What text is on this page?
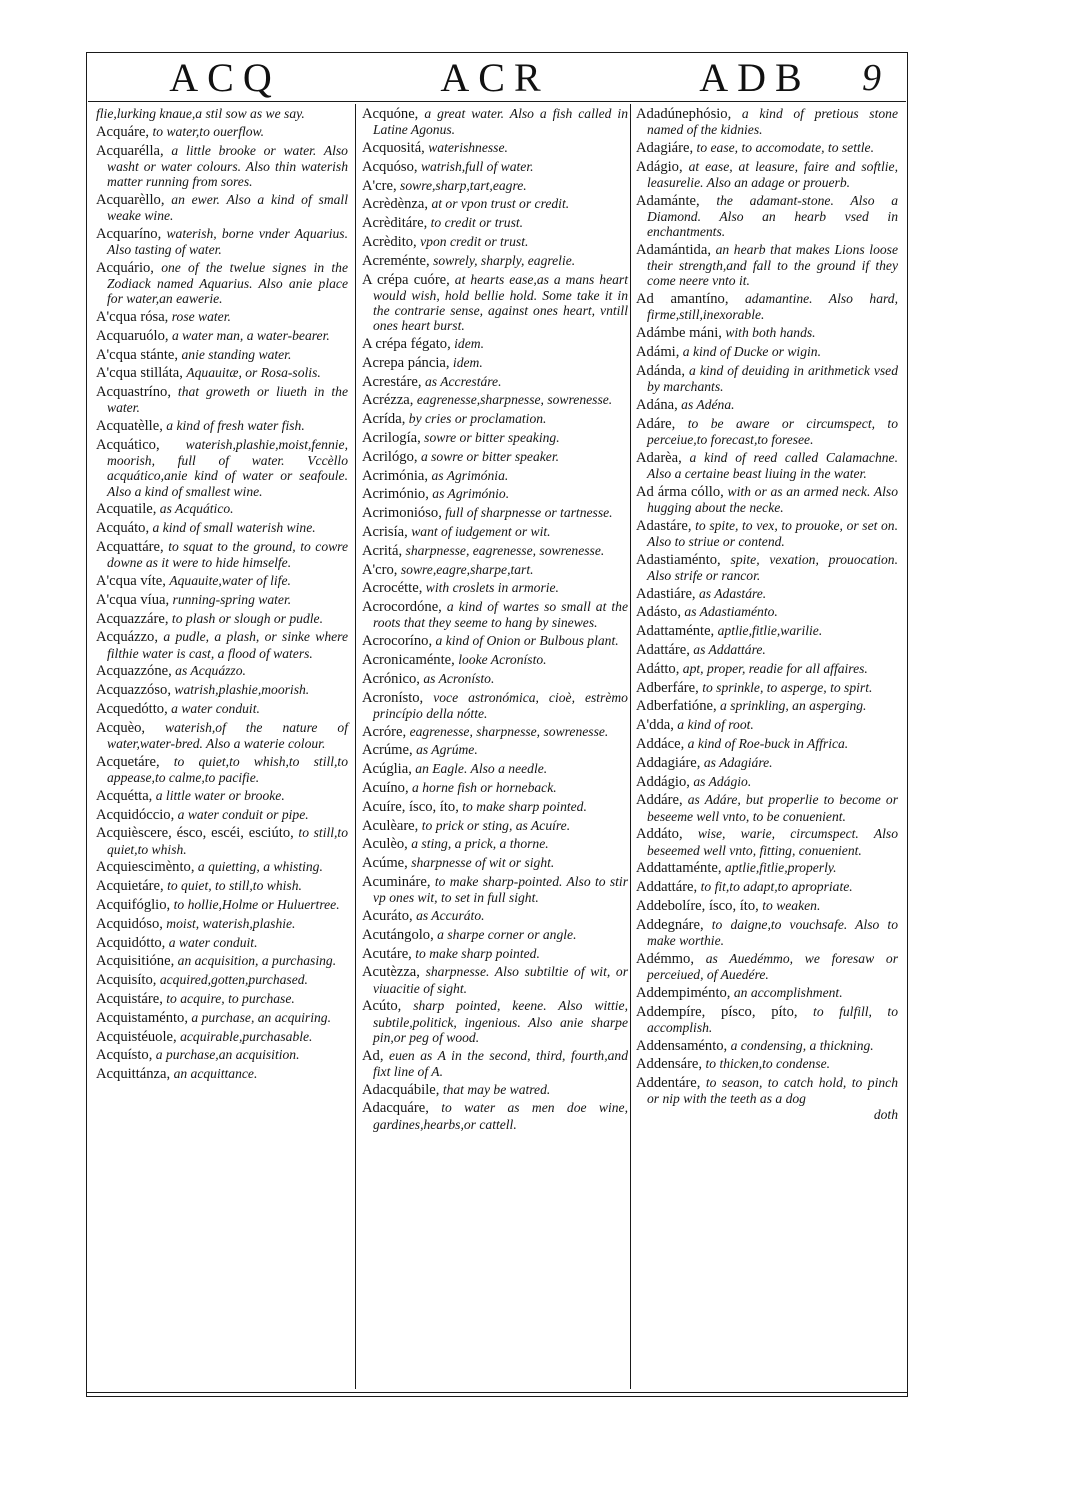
ACQ	ACR	ADB	9
flie,lurking knaue,a stil sow as we say.
Acquáre, to water,to ouerflow.
Acquarélla, a little brooke or water. Also washt or water colours. Also thin waterish matter running from sores.
Acquarèllo, an ewer. Also a kind of small weake wine.
Acquaríno, waterish, borne vnder Aquarius. Also tasting of water.
Acquário, one of the twelue signes in the Zodiack named Aquarius. Also anie place for water,an eawerie.
A'cqua rósa, rose water.
Acquaruólo, a water man, a water-bearer.
A'cqua stánte, anie standing water.
A'cqua stilláta, Aquauitæ, or Rosa-solis.
Acquastríno, that groweth or liueth in the water.
Acquatèlle, a kind of fresh water fish.
Acquático, waterish,plashie,moist,fennie, moorish, full of water. Vccèllo acquático,anie kind of water or seafoule. Also a kind of smallest wine.
Acquatile, as Acquático.
Acquáto, a kind of small waterish wine.
Acquattáre, to squat to the ground, to cowre downe as it were to hide himselfe.
A'cqua víte, Aquauite,water of life.
A'cqua víua, running-spring water.
Acquazzáre, to plash or slough or pudle.
Acquázzo, a pudle, a plash, or sinke where filthie water is cast, a flood of waters.
Acquazzóne, as Acquázzo.
Acquazzóso, watrish,plashie,moorish.
Acquedótto, a water conduit.
Acquèo, waterish,of the nature of water,water-bred. Also a waterie colour.
Acquetáre, to quiet,to whish,to still,to appease,to calme,to pacifie.
Acquétta, a little water or brooke.
Acquidóccio, a water conduit or pipe.
Acquièscere, ésco, escéi, esciúto, to still,to quiet,to whish.
Acquiescimènto, a quietting, a whisting.
Acquietáre, to quiet, to still,to whish.
Acquifóglio, to hollie,Holme or Huluertree.
Acquidóso, moist, waterish,plashie.
Acquidótto, a water conduit.
Acquisitióne, an acquisition, a purchasing.
Acquisíto, acquired,gotten,purchased.
Acquistáre, to acquire, to purchase.
Acquistaménto, a purchase, an acquiring.
Acquistéuole, acquirable,purchasable.
Acquísto, a purchase,an acquisition.
Acquittánza, an acquittance.
Acquóne, a great water. Also a fish called in Latine Agonus.
Acquositá, waterishnesse.
Acquóso, watrish,full of water.
A'cre, sowre,sharp,tart,eagre.
Acrèdènza, at or vpon trust or credit.
Acrèditáre, to credit or trust.
Acrèdito, vpon credit or trust.
Acreménte, sowrely, sharply, eagrelie.
A crépa cuóre, at hearts ease,as a mans heart would wish, hold bellie hold. Some take it in the contrarie sense, against ones heart, vntill ones heart burst.
A crépa fégato, idem.
Acrepa páncia, idem.
Acrestáre, as Accrestáre.
Acrézza, eagrenesse,sharpnesse, sowrenesse.
Acrída, by cries or proclamation.
Acrilogía, sowre or bitter speaking.
Acrilógo, a sowre or bitter speaker.
Acrimónia, as Agrimónia.
Acrimónio, as Agrimónio.
Acrimonióso, full of sharpnesse or tartnesse.
Acrisía, want of iudgement or wit.
Acritá, sharpnesse, eagrenesse, sowrenesse.
A'cro, sowre,eagre,sharpe,tart.
Acrocétte, with croslets in armorie.
Acrocordóne, a kind of wartes so small at the roots that they seeme to hang by sinewes.
Acrocoríno, a kind of Onion or Bulbous plant.
Acronicaménte, looke Acronísto.
Acrónico, as Acronísto.
Acronísto, voce astronómica, cioè, estrèmo princípio della nótte.
Acróre, eagrenesse, sharpnesse, sowrenesse.
Acrúme, as Agrúme.
Acúglia, an Eagle. Also a needle.
Acuíno, a horne fish or horneback.
Acuíre, ísco, íto, to make sharp pointed.
Aculèare, to prick or sting, as Acuíre.
Aculèo, a sting, a prick, a thorne.
Acúme, sharpnesse of wit or sight.
Acumináre, to make sharp-pointed. Also to stir vp ones wit, to set in full sight.
Acuráto, as Accuráto.
Acutángolo, a sharpe corner or angle.
Acutáre, to make sharp pointed.
Acutèzza, sharpnesse. Also subtiltie of wit, or viuacitie of sight.
Acúto, sharp pointed, keene. Also wittie, subtile,politick, ingenious. Also anie sharpe pin,or peg of wood.
Ad, euen as A in the second, third, fourth,and fixt line of A.
Adacquábile, that may be watred.
Adacquáre, to water as men doe wine, gardines,hearbs,or cattell.
Adadúnephósio, a kind of pretious stone named of the kidnies.
Adagiáre, to ease, to accomodate, to settle.
Adágio, at ease, at leasure, faire and softlie, leasurelie. Also an adage or prouerb.
Adamánte, the adamant-stone. Also a Diamond. Also an hearb vsed in enchantments.
Adamántida, an hearb that makes Lions loose their strength,and fall to the ground if they come neere vnto it.
Ad amantíno, adamantine. Also hard, firme,still,inexorable.
Adámbe máni, with both hands.
Adámi, a kind of Ducke or wigin.
Adánda, a kind of deuiding in arithmetick vsed by marchants.
Adána, as Adéna.
Adáre, to be aware or circumspect, to perceiue,to forecast,to foresee.
Adarèa, a kind of reed called Calamachne. Also a certaine beast liuing in the water.
Ad árma cóllo, with or as an armed neck. Also hugging about the necke.
Adastáre, to spite, to vex, to prouoke, or set on. Also to striue or contend.
Adastiaménto, spite, vexation, prouocation. Also strife or rancor.
Adastiáre, as Adastáre.
Adásto, as Adastiaménto.
Adattaménte, aptlie,fitlie,warilie.
Adattáre, as Addattáre.
Adátto, apt, proper, readie for all affaires.
Adberfáre, to sprinkle, to asperge, to spirt.
Adberfatióne, a sprinkling, an asperging.
A'dda, a kind of root.
Addáce, a kind of Roe-buck in Affrica.
Addagiáre, as Adagiáre.
Addágio, as Adágio.
Addáre, as Adáre, but properlie to become or beseeme well vnto, to be conuenient.
Addáto, wise, warie, circumspect. Also beseemed well vnto, fitting, conuenient.
Addattaménte, aptlie,fitlie,properly.
Addattáre, to fit,to adapt,to apropriate.
Addebolíre, ísco, íto, to weaken.
Addegnáre, to daigne,to vouchsafe. Also to make worthie.
Adémmo, as Auedémmo, we foresaw or perceiued, of Auedére.
Addempiménto, an accomplishment.
Addempíre, písco, píto, to fulfill, to accomplish.
Addensaménto, a condensing, a thickning.
Addensáre, to thicken,to condense.
Addentáre, to season, to catch hold, to pinch or nip with the teeth as a dog
doth
